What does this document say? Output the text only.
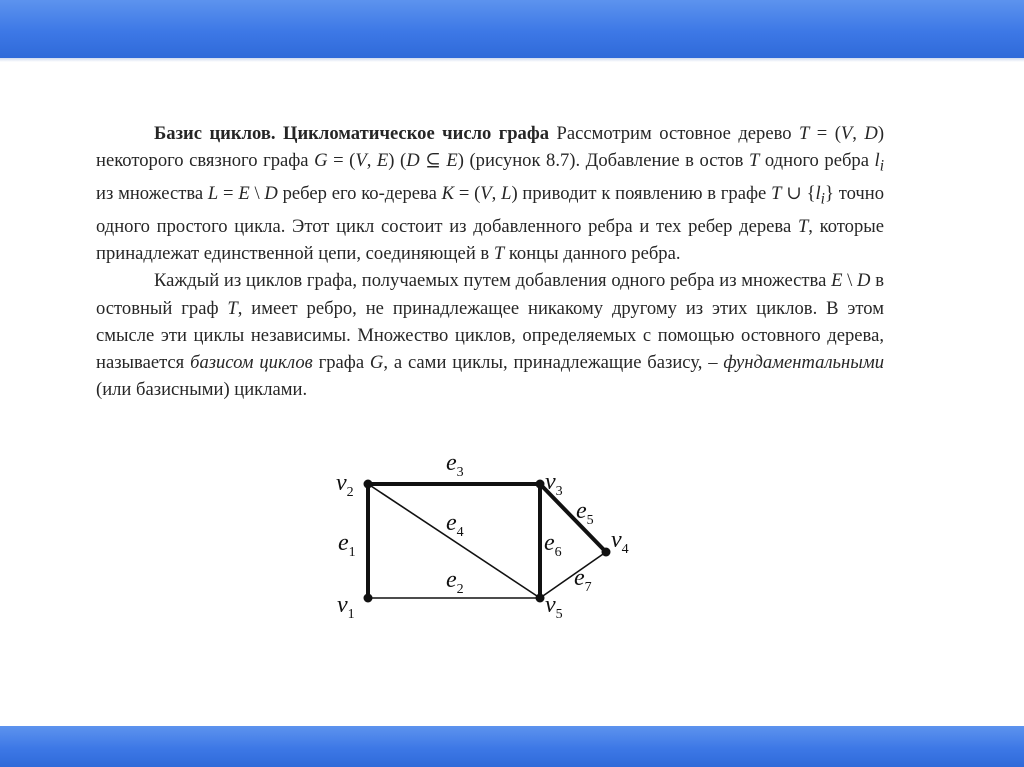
Базис циклов. Цикломатическое число графа Рассмотрим остовное дерево T = (V, D) некоторого связного графа G = (V, E) (D ⊆ E) (рисунок 8.7). Добавление в остов T одного ребра $l_i$ из множества L = E \ D ребер его ко-дерева K = (V, L) приводит к появлению в графе T ∪ $\{l_i\}$ точно одного простого цикла. Этот цикл состоит из добавленного ребра и тех ребер дерева T, которые принадлежат единственной цепи, соединяющей в T концы данного ребра.

Каждый из циклов графа, получаемых путем добавления одного ребра из множества E \ D в остовный граф T, имеет ребро, не принадлежащее никакому другому из этих циклов. В этом смысле эти циклы независимы. Множество циклов, определяемых с помощью остовного дерева, называется базисом циклов графа G, а сами циклы, принадлежащие базису, – фундаментальными (или базисными) циклами.

$v_1$
$v_2$	$v_3$
$v_4$
$v_5$
$e_1$
$e_2$
$e_3$
$e_4$
$e_5$
$e_6$
$e_7$
